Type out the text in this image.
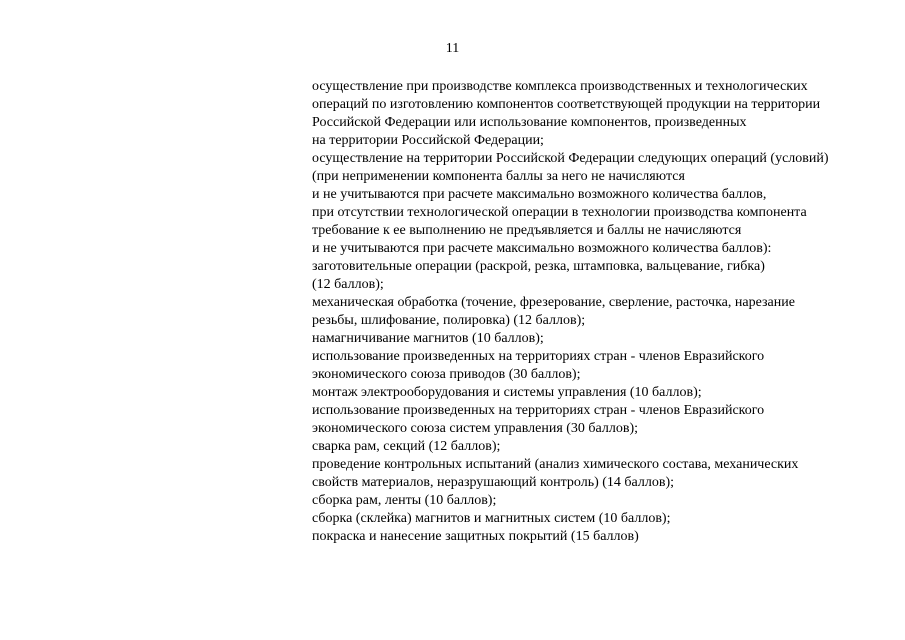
11
осуществление при производстве комплекса производственных и технологических
операций по изготовлению компонентов соответствующей продукции на территории
Российской Федерации или использование компонентов, произведенных
на территории Российской Федерации;
осуществление на территории Российской Федерации следующих операций (условий)
(при неприменении компонента баллы за него не начисляются
и не учитываются при расчете максимально возможного количества баллов,
при отсутствии технологической операции в технологии производства компонента
требование к ее выполнению не предъявляется и баллы не начисляются
и не учитываются при расчете максимально возможного количества баллов):
заготовительные операции (раскрой, резка, штамповка, вальцевание, гибка)
(12 баллов);
механическая обработка (точение, фрезерование, сверление, расточка, нарезание
резьбы, шлифование, полировка) (12 баллов);
намагничивание магнитов (10 баллов);
использование произведенных на территориях стран - членов Евразийского
экономического союза приводов (30 баллов);
монтаж электрооборудования и системы управления (10 баллов);
использование произведенных на территориях стран - членов Евразийского
экономического союза систем управления (30 баллов);
сварка рам, секций (12 баллов);
проведение контрольных испытаний (анализ химического состава, механических
свойств материалов, неразрушающий контроль) (14 баллов);
сборка рам, ленты (10 баллов);
сборка (склейка) магнитов и магнитных систем (10 баллов);
покраска и нанесение защитных покрытий (15 баллов)
